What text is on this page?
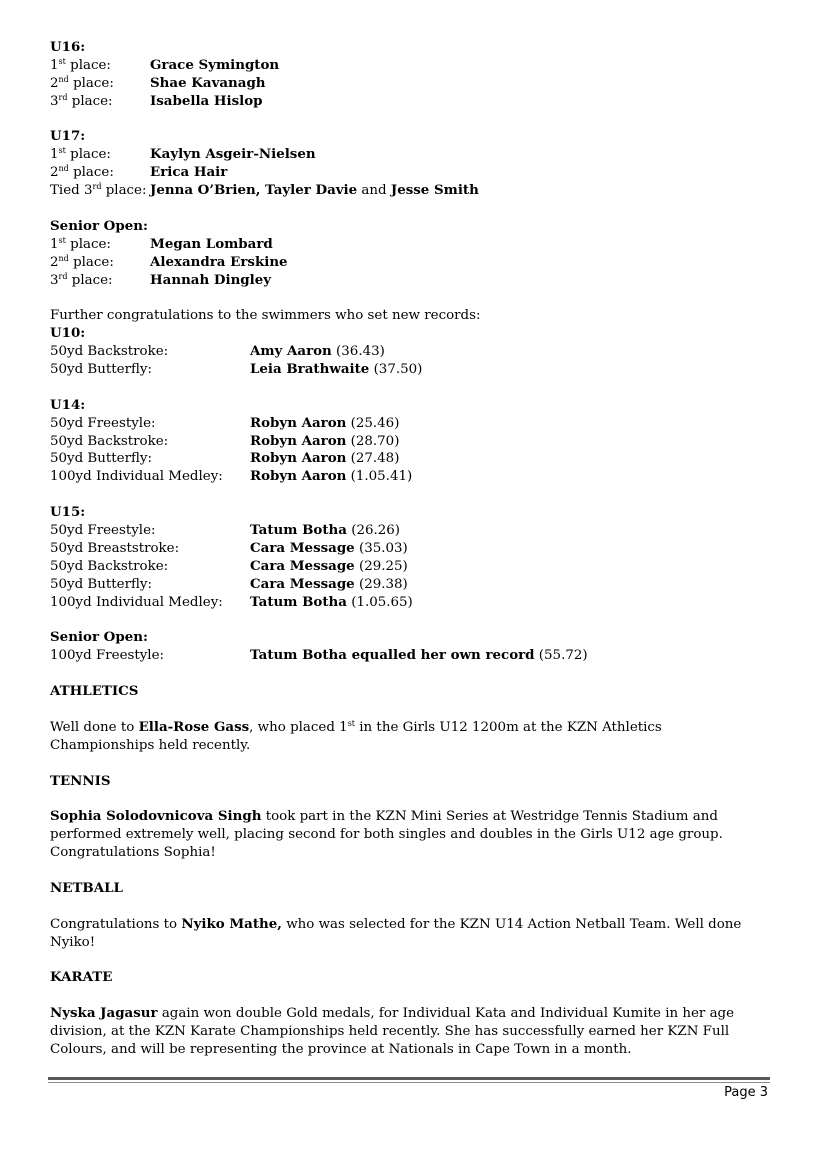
U16:
1st place:	Grace Symington
2nd place:	Shae Kavanagh
3rd place:	Isabella Hislop
U17:
1st place:	Kaylyn Asgeir-Nielsen
2nd place:	Erica Hair
Tied 3rd place: Jenna O’Brien, Tayler Davie and Jesse Smith
Senior Open:
1st place:	Megan Lombard
2nd place:	Alexandra Erskine
3rd place:	Hannah Dingley
Further congratulations to the swimmers who set new records:
U10:
50yd Backstroke:	Amy Aaron (36.43)
50yd Butterfly:	Leia Brathwaite (37.50)
U14:
50yd Freestyle:	Robyn Aaron (25.46)
50yd Backstroke:	Robyn Aaron (28.70)
50yd Butterfly:	Robyn Aaron (27.48)
100yd Individual Medley: Robyn Aaron (1.05.41)
U15:
50yd Freestyle:	Tatum Botha (26.26)
50yd Breaststroke:	Cara Message (35.03)
50yd Backstroke:	Cara Message (29.25)
50yd Butterfly:	Cara Message (29.38)
100yd Individual Medley: Tatum Botha (1.05.65)
Senior Open:
100yd Freestyle:	Tatum Botha equalled her own record (55.72)
ATHLETICS
Well done to Ella-Rose Gass, who placed 1st in the Girls U12 1200m at the KZN Athletics Championships held recently.
TENNIS
Sophia Solodovnicova Singh took part in the KZN Mini Series at Westridge Tennis Stadium and performed extremely well, placing second for both singles and doubles in the Girls U12 age group. Congratulations Sophia!
NETBALL
Congratulations to Nyiko Mathe, who was selected for the KZN U14 Action Netball Team. Well done Nyiko!
KARATE
Nyska Jagasur again won double Gold medals, for Individual Kata and Individual Kumite in her age division, at the KZN Karate Championships held recently. She has successfully earned her KZN Full Colours, and will be representing the province at Nationals in Cape Town in a month.
Page 3
